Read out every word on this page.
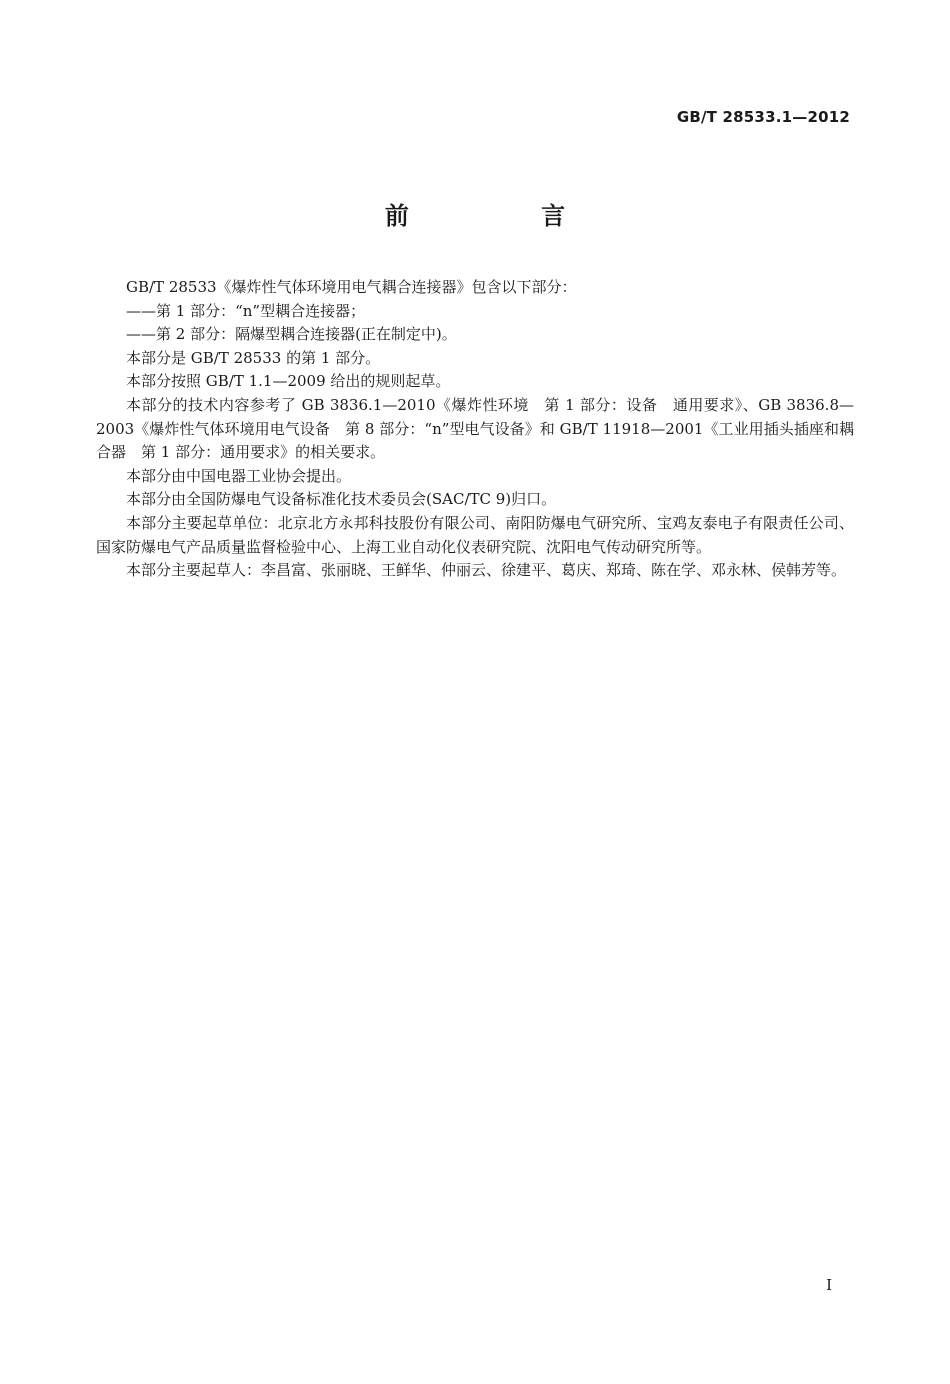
GB/T 28533.1—2012
前 言

GB/T 28533《爆炸性气体环境用电气耦合连接器》包含以下部分：

——第 1 部分：“n”型耦合连接器；

——第 2 部分：隔爆型耦合连接器(正在制定中)。

本部分是 GB/T 28533 的第 1 部分。

本部分按照 GB/T 1.1—2009 给出的规则起草。

本部分的技术内容参考了 GB 3836.1—2010《爆炸性环境　第 1 部分：设备　通用要求》、GB 3836.8—2003《爆炸性气体环境用电气设备　第 8 部分：“n”型电气设备》和 GB/T 11918—2001《工业用插头插座和耦合器　第 1 部分：通用要求》的相关要求。

本部分由中国电器工业协会提出。

本部分由全国防爆电气设备标准化技术委员会(SAC/TC 9)归口。

本部分主要起草单位：北京北方永邦科技股份有限公司、南阳防爆电气研究所、宝鸡友泰电子有限责任公司、国家防爆电气产品质量监督检验中心、上海工业自动化仪表研究院、沈阳电气传动研究所等。

本部分主要起草人：李昌富、张丽晓、王鲜华、仲丽云、徐建平、葛庆、郑琦、陈在学、邓永林、侯韩芳等。

I
